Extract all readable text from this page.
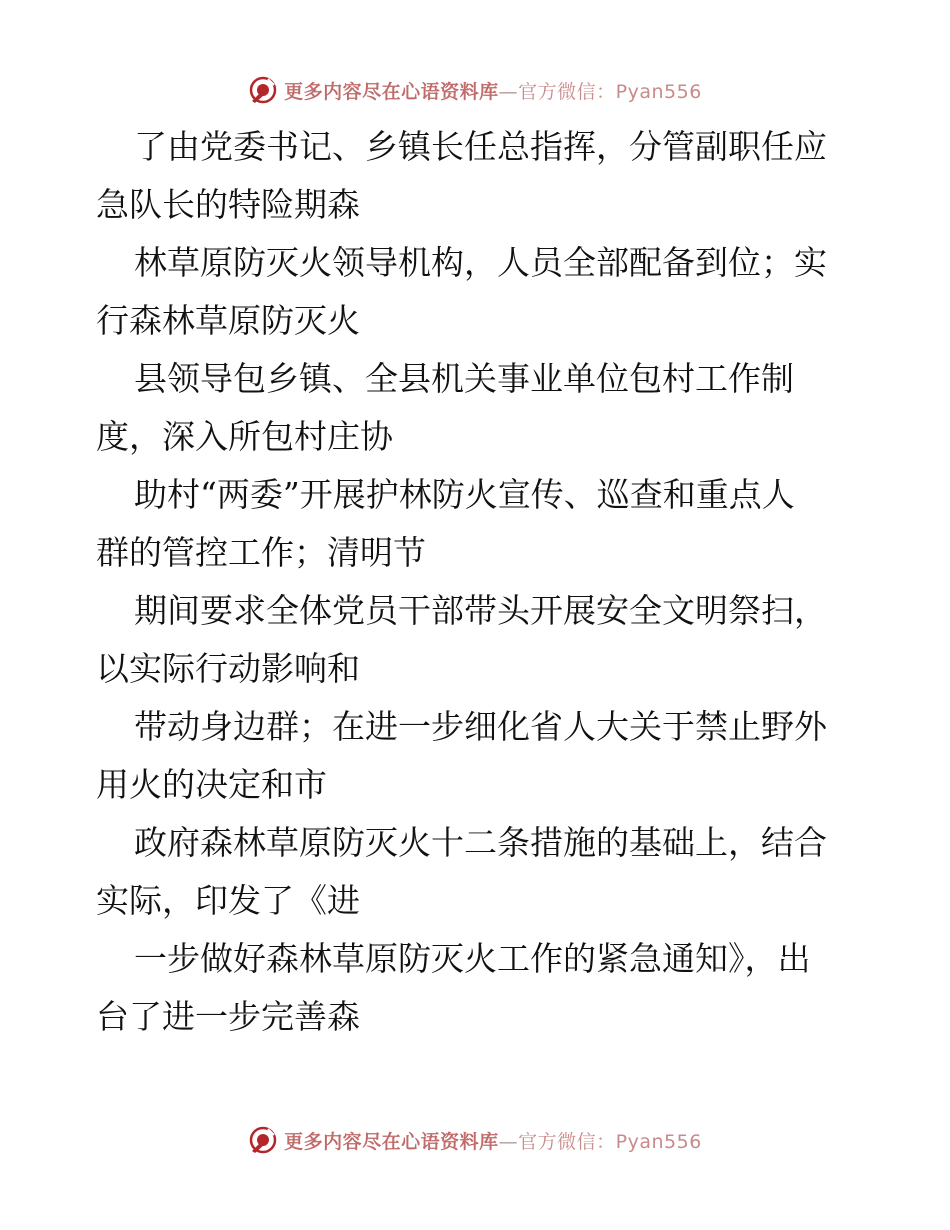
更多内容尽在心语资料库—官方微信：Pyan556

了由党委书记、乡镇长任总指挥，分管副职任应

急队长的特险期森

林草原防灭火领导机构，人员全部配备到位；实

行森林草原防灭火

县领导包乡镇、全县机关事业单位包村工作制

度，深入所包村庄协

助村“两委”开展护林防火宣传、巡查和重点人

群的管控工作；清明节

期间要求全体党员干部带头开展安全文明祭扫，

以实际行动影响和

带动身边群；在进一步细化省人大关于禁止野外

用火的决定和市

政府森林草原防灭火十二条措施的基础上，结合

实际，印发了《进

一步做好森林草原防灭火工作的紧急通知》，出

台了进一步完善森

更多内容尽在心语资料库—官方微信：Pyan556
